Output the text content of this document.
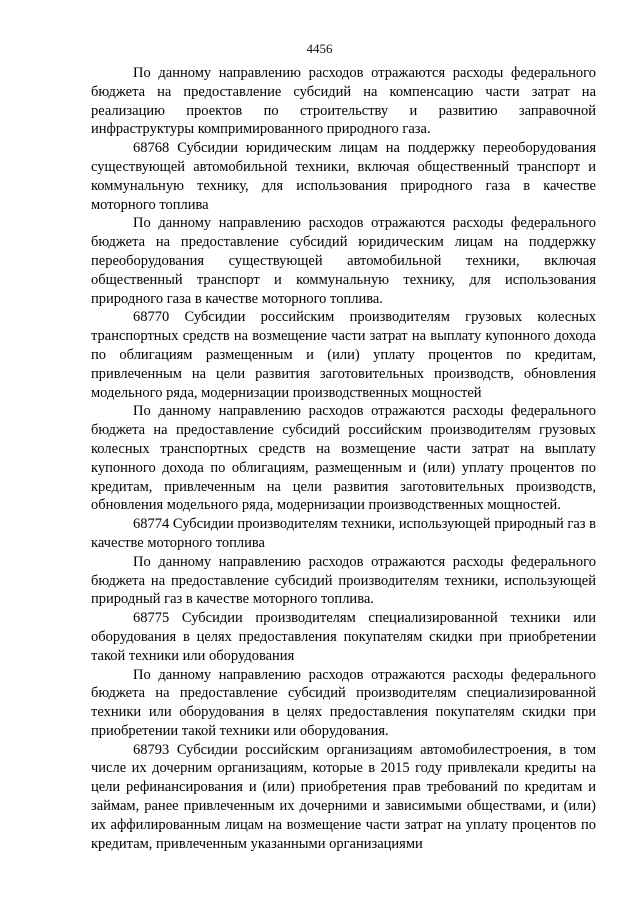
4456

По данному направлению расходов отражаются расходы федерального бюджета на предоставление субсидий на компенсацию части затрат на реализацию проектов по строительству и развитию заправочной инфраструктуры компримированного природного газа.

68768 Субсидии юридическим лицам на поддержку переоборудования существующей автомобильной техники, включая общественный транспорт и коммунальную технику, для использования природного газа в качестве моторного топлива

По данному направлению расходов отражаются расходы федерального бюджета на предоставление субсидий юридическим лицам на поддержку переоборудования существующей автомобильной техники, включая общественный транспорт и коммунальную технику, для использования природного газа в качестве моторного топлива.

68770 Субсидии российским производителям грузовых колесных транспортных средств на возмещение части затрат на выплату купонного дохода по облигациям размещенным и (или) уплату процентов по кредитам, привлеченным на цели развития заготовительных производств, обновления модельного ряда, модернизации производственных мощностей

По данному направлению расходов отражаются расходы федерального бюджета на предоставление субсидий российским производителям грузовых колесных транспортных средств на возмещение части затрат на выплату купонного дохода по облигациям, размещенным и (или) уплату процентов по кредитам, привлеченным на цели развития заготовительных производств, обновления модельного ряда, модернизации производственных мощностей.

68774 Субсидии производителям техники, использующей природный газ в качестве моторного топлива

По данному направлению расходов отражаются расходы федерального бюджета на предоставление субсидий производителям техники, использующей природный газ в качестве моторного топлива.

68775 Субсидии производителям специализированной техники или оборудования в целях предоставления покупателям скидки при приобретении такой техники или оборудования

По данному направлению расходов отражаются расходы федерального бюджета на предоставление субсидий производителям специализированной техники или оборудования в целях предоставления покупателям скидки при приобретении такой техники или оборудования.

68793 Субсидии российским организациям автомобилестроения, в том числе их дочерним организациям, которые в 2015 году привлекали кредиты на цели рефинансирования и (или) приобретения прав требований по кредитам и займам, ранее привлеченным их дочерними и зависимыми обществами, и (или) их аффилированным лицам на возмещение части затрат на уплату процентов по кредитам, привлеченным указанными организациями
